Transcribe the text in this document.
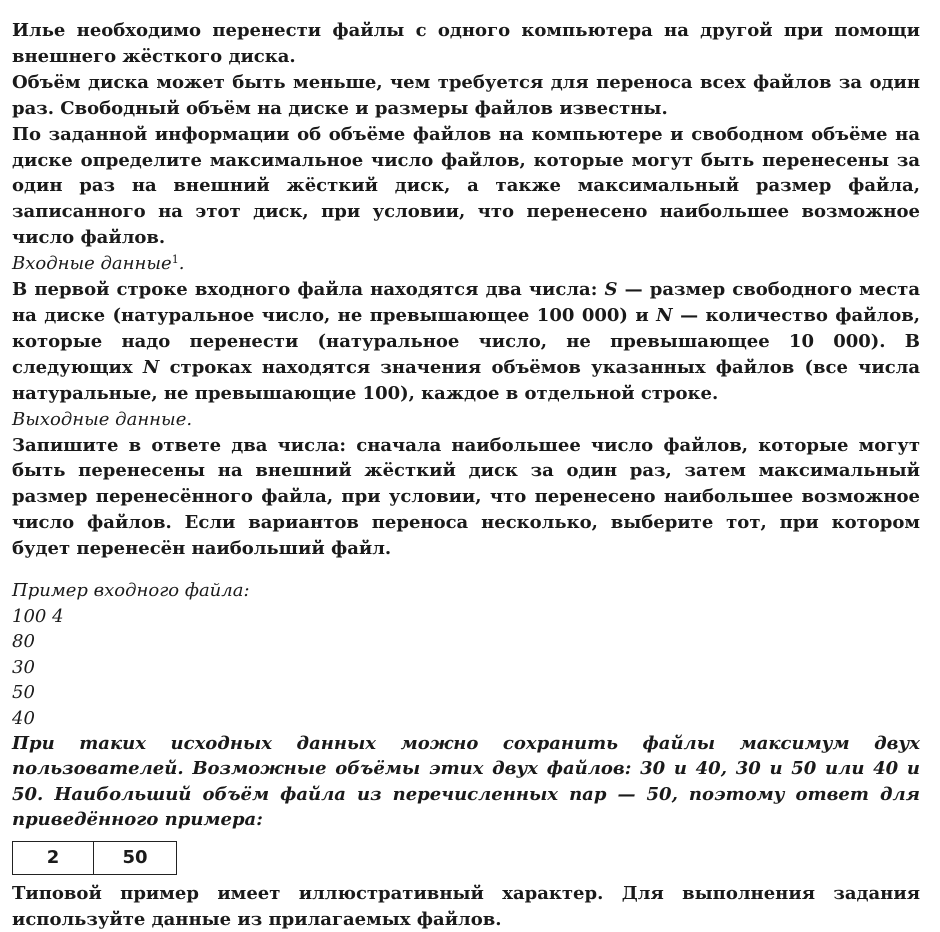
Илье необходимо перенести файлы с одного компьютера на другой при помощи внешнего жёсткого диска.

Объём диска может быть меньше, чем требуется для переноса всех файлов за один раз. Свободный объём на диске и размеры файлов известны.

По заданной информации об объёме файлов на компьютере и свободном объёме на диске определите максимальное число файлов, которые могут быть перенесены за один раз на внешний жёсткий диск, а также максимальный размер файла, записанного на этот диск, при условии, что перенесено наибольшее возможное число файлов.

Входные данные$^1$.

В первой строке входного файла находятся два числа: S — размер свободного места на диске (натуральное число, не превышающее 100 000) и N — количество файлов, которые надо перенести (натуральное число, не превышающее 10 000). В следующих N строках находятся значения объёмов указанных файлов (все числа натуральные, не превышающие 100), каждое в отдельной строке.

Выходные данные.

Запишите в ответе два числа: сначала наибольшее число файлов, которые могут быть перенесены на внешний жёсткий диск за один раз, затем максимальный размер перенесённого файла, при условии, что перенесено наибольшее возможное число файлов. Если вариантов переноса несколько, выберите тот, при котором будет перенесён наибольший файл.

Пример входного файла:

100 4

80

30

50

40

При таких исходных данных можно сохранить файлы максимум двух пользователей. Возможные объёмы этих двух файлов: 30 и 40, 30 и 50 или 40 и 50. Наибольший объём файла из перечисленных пар — 50, поэтому ответ для приведённого примера:

2	50

Типовой пример имеет иллюстративный характер. Для выполнения задания используйте данные из прилагаемых файлов.
